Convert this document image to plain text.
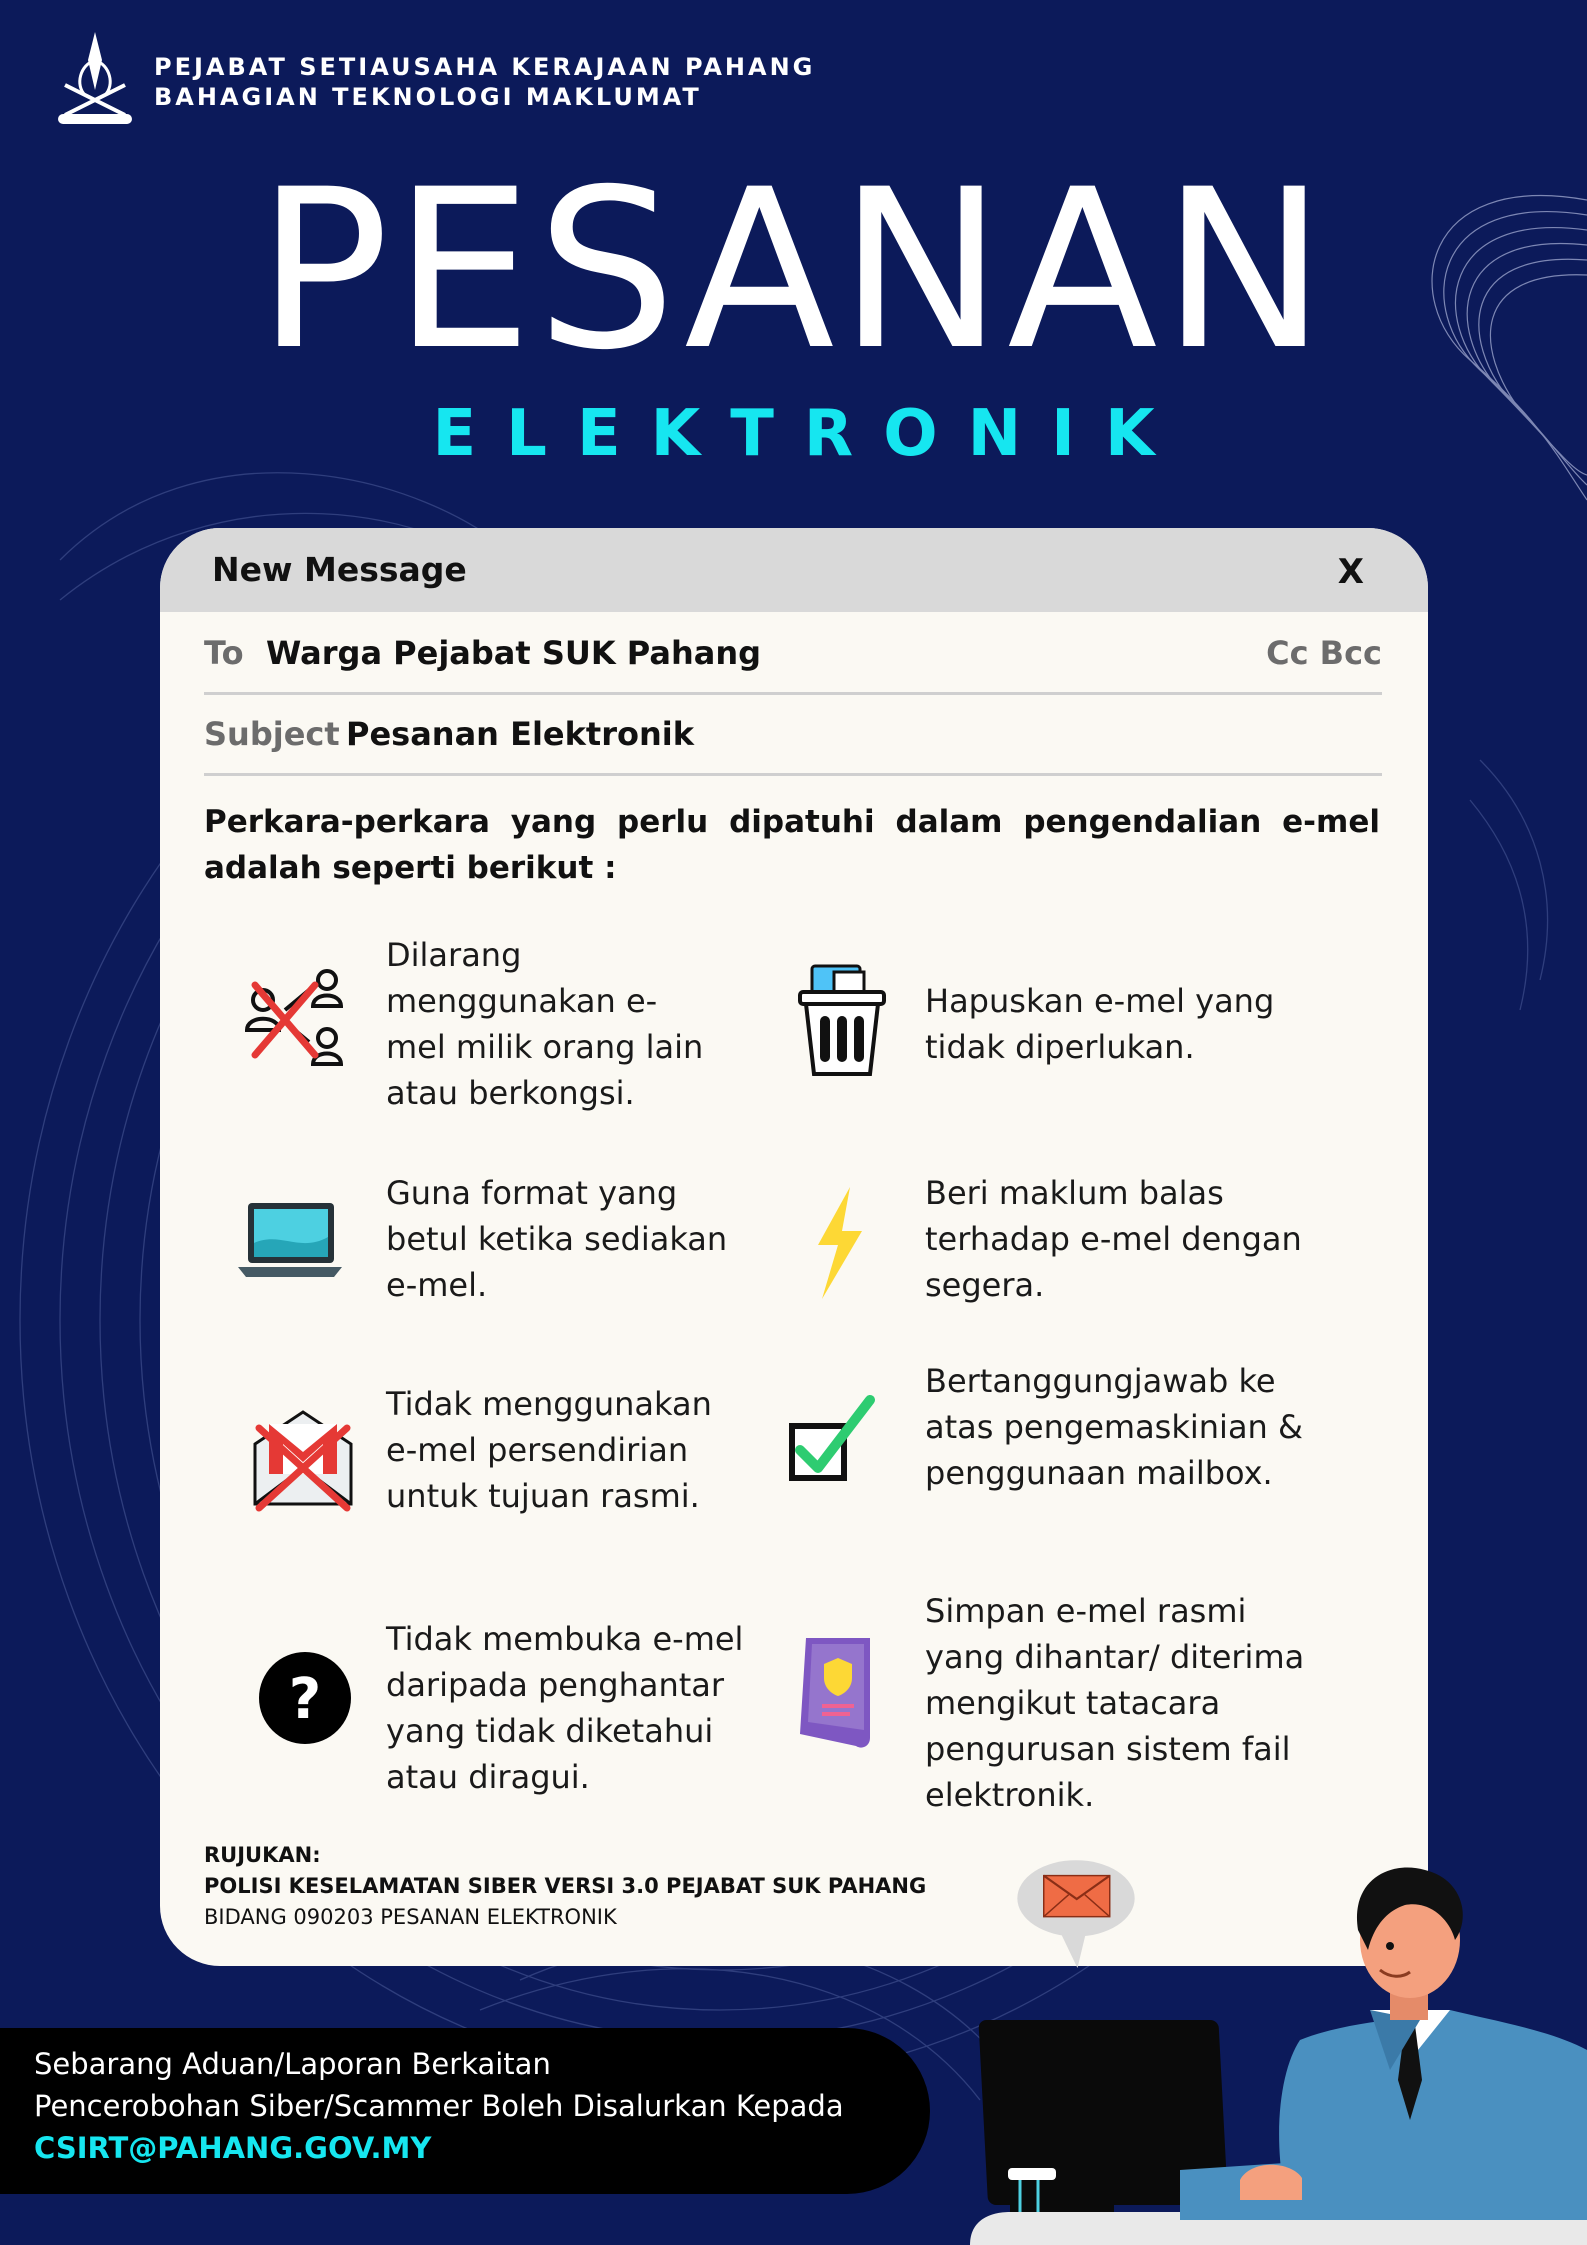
PEJABAT SETIAUSAHA KERAJAAN PAHANG
BAHAGIAN TEKNOLOGI MAKLUMAT
PESANAN
ELEKTRONIK
New Message	X
To Warga Pejabat SUK Pahang	Cc Bcc
Subject Pesanan Elektronik
Perkara-perkara yang perlu dipatuhi dalam pengendalian e-mel adalah seperti berikut :
Dilarang menggunakan e-mel milik orang lain atau berkongsi.
Hapuskan e-mel yang tidak diperlukan.
Guna format yang betul ketika sediakan e-mel.
Beri maklum balas terhadap e-mel dengan segera.
Tidak menggunakan e-mel persendirian untuk tujuan rasmi.
Bertanggungjawab ke atas pengemaskinian & penggunaan mailbox.
?
Tidak membuka e-mel daripada penghantar yang tidak diketahui atau diragui.
Simpan e-mel rasmi yang dihantar/ diterima mengikut tatacara pengurusan sistem fail elektronik.
RUJUKAN:
POLISI KESELAMATAN SIBER VERSI 3.0 PEJABAT SUK PAHANG
BIDANG 090203 PESANAN ELEKTRONIK
Sebarang Aduan/Laporan Berkaitan
Pencerobohan Siber/Scammer Boleh Disalurkan Kepada
CSIRT@PAHANG.GOV.MY
